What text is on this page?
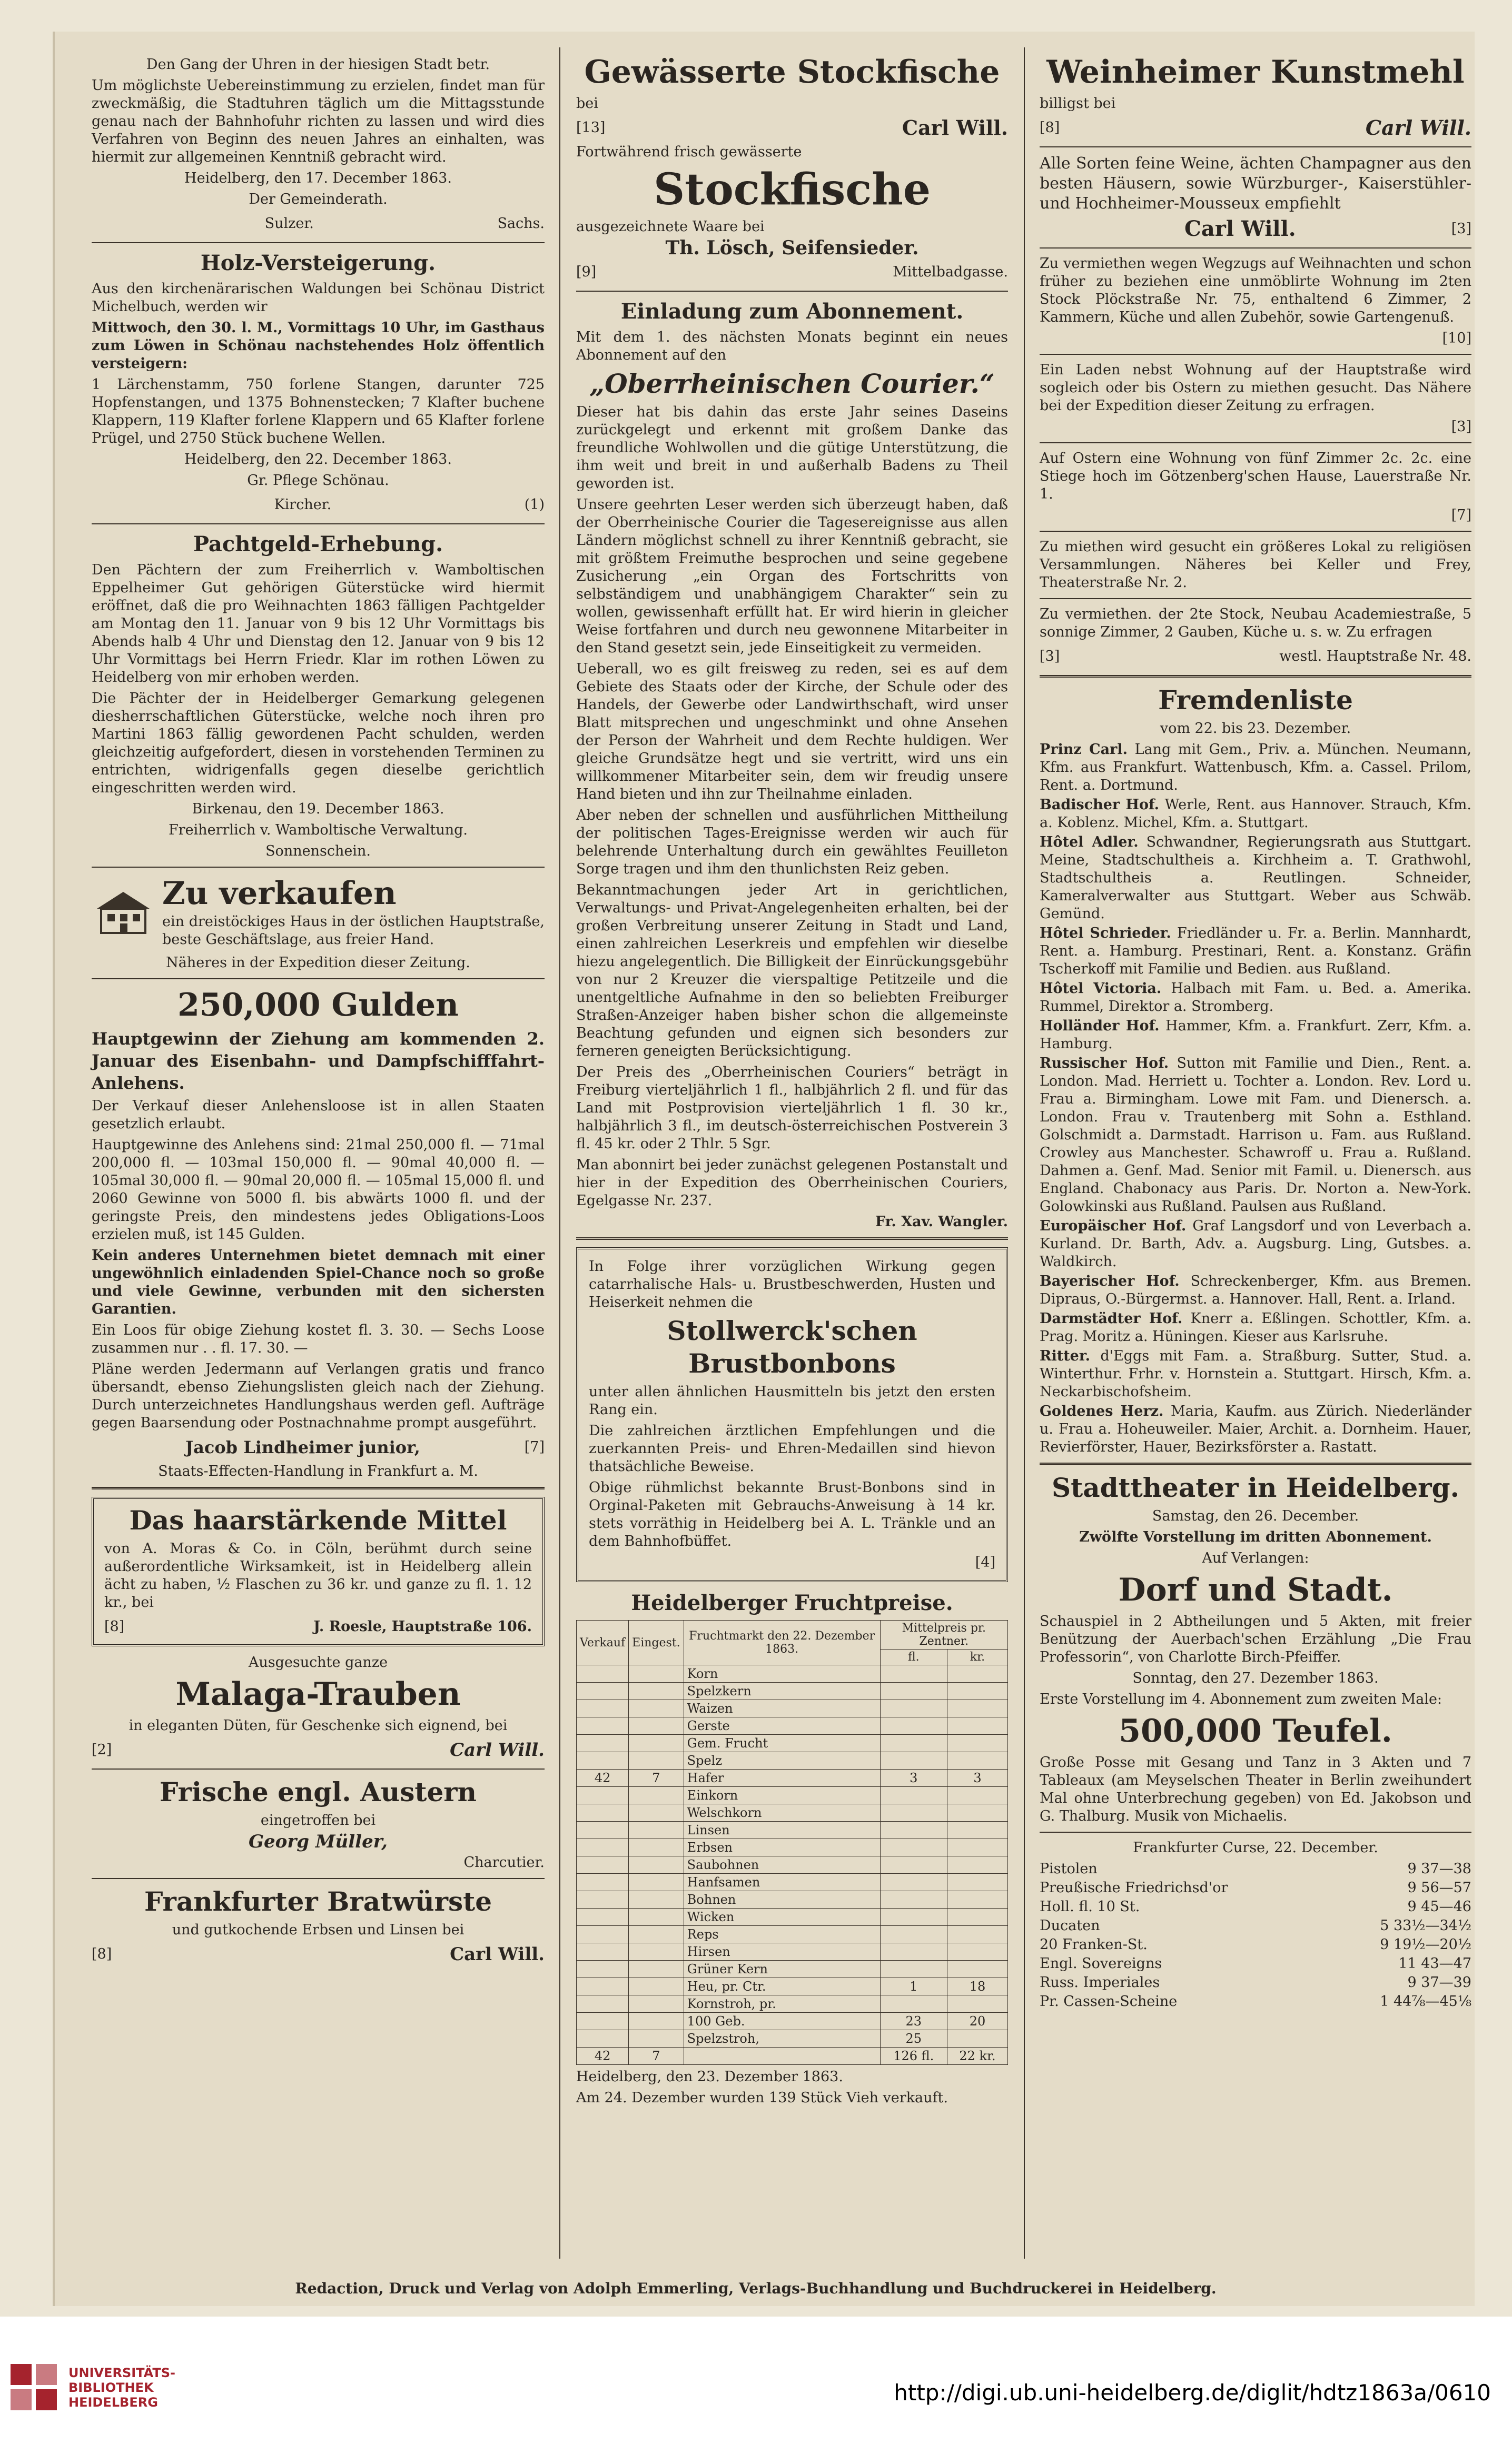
Den Gang der Uhren in der hiesigen Stadt betr.
Um möglichste Uebereinstimmung zu erzielen, findet man für zweckmäßig, die Stadtuhren täglich um die Mittagsstunde genau nach der Bahnhofuhr richten zu lassen und wird dies Verfahren von Beginn des neuen Jahres an einhalten, was hiermit zur allgemeinen Kenntniß gebracht wird.
Heidelberg, den 17. December 1863.
Der Gemeinderath.
Sulzer.	Sachs.
Holz-Versteigerung.
Aus den kirchenärarischen Waldungen bei Schönau District Michelbuch, werden wir
Mittwoch, den 30. l. M., Vormittags 10 Uhr, im Gasthaus zum Löwen in Schönau nachstehendes Holz öffentlich versteigern:
1 Lärchenstamm, 750 forlene Stangen, darunter 725 Hopfenstangen, und 1375 Bohnenstecken; 7 Klafter buchene Klappern, 119 Klafter forlene Klappern und 65 Klafter forlene Prügel, und 2750 Stück buchene Wellen.
Heidelberg, den 22. December 1863.
Gr. Pflege Schönau.
Kircher.	(1)
Pachtgeld-Erhebung.
Den Pächtern der zum Freiherrlich v. Wamboltischen Eppelheimer Gut gehörigen Güterstücke wird hiermit eröffnet, daß die pro Weihnachten 1863 fälligen Pachtgelder am Montag den 11. Januar von 9 bis 12 Uhr Vormittags bis Abends halb 4 Uhr und Dienstag den 12. Januar von 9 bis 12 Uhr Vormittags bei Herrn Friedr. Klar im rothen Löwen zu Heidelberg von mir erhoben werden.
Die Pächter der in Heidelberger Gemarkung gelegenen diesherrschaftlichen Güterstücke, welche noch ihren pro Martini 1863 fällig gewordenen Pacht schulden, werden gleichzeitig aufgefordert, diesen in vorstehenden Terminen zu entrichten, widrigenfalls gegen dieselbe gerichtlich eingeschritten werden wird.
Birkenau, den 19. December 1863.
Freiherrlich v. Wamboltische Verwaltung.
Sonnenschein.
Zu verkaufen
ein dreistöckiges Haus in der östlichen Hauptstraße, beste Geschäftslage, aus freier Hand.
Näheres in der Expedition dieser Zeitung.
250,000 Gulden
Hauptgewinn der Ziehung am kommenden 2. Januar des Eisenbahn- und Dampfschifffahrt-Anlehens.
Der Verkauf dieser Anlehensloose ist in allen Staaten gesetzlich erlaubt.
Hauptgewinne des Anlehens sind: 21mal 250,000 fl. — 71mal 200,000 fl. — 103mal 150,000 fl. — 90mal 40,000 fl. — 105mal 30,000 fl. — 90mal 20,000 fl. — 105mal 15,000 fl. und 2060 Gewinne von 5000 fl. bis abwärts 1000 fl. und der geringste Preis, den mindestens jedes Obligations-Loos erzielen muß, ist 145 Gulden.
Kein anderes Unternehmen bietet demnach mit einer ungewöhnlich einladenden Spiel-Chance noch so große und viele Gewinne, verbunden mit den sichersten Garantien.
Ein Loos für obige Ziehung kostet fl. 3. 30. — Sechs Loose zusammen nur . . fl. 17. 30. —
Pläne werden Jedermann auf Verlangen gratis und franco übersandt, ebenso Ziehungslisten gleich nach der Ziehung. Durch unterzeichnetes Handlungshaus werden gefl. Aufträge gegen Baarsendung oder Postnachnahme prompt ausgeführt.
Jacob Lindheimer junior,	[7]
Staats-Effecten-Handlung in Frankfurt a. M.
Das haarstärkende Mittel
von A. Moras & Co. in Cöln, berühmt durch seine außerordentliche Wirksamkeit, ist in Heidelberg allein ächt zu haben, ½ Flaschen zu 36 kr. und ganze zu fl. 1. 12 kr., bei
[8]	J. Roesle, Hauptstraße 106.
Ausgesuchte ganze
Malaga-Trauben
in eleganten Düten, für Geschenke sich eignend, bei
[2]	Carl Will.
Frische engl. Austern
eingetroffen bei
Georg Müller,
Charcutier.
Frankfurter Bratwürste
und gutkochende Erbsen und Linsen bei
[8]	Carl Will.
Gewässerte Stockfische
bei
[13]	Carl Will.
Fortwährend frisch gewässerte
Stockfische
ausgezeichnete Waare bei
Th. Lösch, Seifensieder.
[9]	Mittelbadgasse.
Einladung zum Abonnement.
Mit dem 1. des nächsten Monats beginnt ein neues Abonnement auf den
„Oberrheinischen Courier.“
Dieser hat bis dahin das erste Jahr seines Daseins zurückgelegt und erkennt mit großem Danke das freundliche Wohlwollen und die gütige Unterstützung, die ihm weit und breit in und außerhalb Badens zu Theil geworden ist.
Unsere geehrten Leser werden sich überzeugt haben, daß der Oberrheinische Courier die Tagesereignisse aus allen Ländern möglichst schnell zu ihrer Kenntniß gebracht, sie mit größtem Freimuthe besprochen und seine gegebene Zusicherung „ein Organ des Fortschritts von selbständigem und unabhängigem Charakter“ sein zu wollen, gewissenhaft erfüllt hat. Er wird hierin in gleicher Weise fortfahren und durch neu gewonnene Mitarbeiter in den Stand gesetzt sein, jede Einseitigkeit zu vermeiden.
Ueberall, wo es gilt freisweg zu reden, sei es auf dem Gebiete des Staats oder der Kirche, der Schule oder des Handels, der Gewerbe oder Landwirthschaft, wird unser Blatt mitsprechen und ungeschminkt und ohne Ansehen der Person der Wahrheit und dem Rechte huldigen. Wer gleiche Grundsätze hegt und sie vertritt, wird uns ein willkommener Mitarbeiter sein, dem wir freudig unsere Hand bieten und ihn zur Theilnahme einladen.
Aber neben der schnellen und ausführlichen Mittheilung der politischen Tages-Ereignisse werden wir auch für belehrende Unterhaltung durch ein gewähltes Feuilleton Sorge tragen und ihm den thunlichsten Reiz geben.
Bekanntmachungen jeder Art in gerichtlichen, Verwaltungs- und Privat-Angelegenheiten erhalten, bei der großen Verbreitung unserer Zeitung in Stadt und Land, einen zahlreichen Leserkreis und empfehlen wir dieselbe hiezu angelegentlich. Die Billigkeit der Einrückungsgebühr von nur 2 Kreuzer die vierspaltige Petitzeile und die unentgeltliche Aufnahme in den so beliebten Freiburger Straßen-Anzeiger haben bisher schon die allgemeinste Beachtung gefunden und eignen sich besonders zur ferneren geneigten Berücksichtigung.
Der Preis des „Oberrheinischen Couriers“ beträgt in Freiburg vierteljährlich 1 fl., halbjährlich 2 fl. und für das Land mit Postprovision vierteljährlich 1 fl. 30 kr., halbjährlich 3 fl., im deutsch-österreichischen Postverein 3 fl. 45 kr. oder 2 Thlr. 5 Sgr.
Man abonnirt bei jeder zunächst gelegenen Postanstalt und hier in der Expedition des Oberrheinischen Couriers, Egelgasse Nr. 237.
Fr. Xav. Wangler.
In Folge ihrer vorzüglichen Wirkung gegen catarrhalische Hals- u. Brustbeschwerden, Husten und Heiserkeit nehmen die
Stollwerck'schen Brustbonbons
unter allen ähnlichen Hausmitteln bis jetzt den ersten Rang ein.
Die zahlreichen ärztlichen Empfehlungen und die zuerkannten Preis- und Ehren-Medaillen sind hievon thatsächliche Beweise.
Obige rühmlichst bekannte Brust-Bonbons sind in Orginal-Paketen mit Gebrauchs-Anweisung à 14 kr. stets vorräthig in Heidelberg bei A. L. Tränkle und an dem Bahnhofbüffet.
[4]
Heidelberger Fruchtpreise.
Verkauf	Eingest.	Fruchtmarkt den 22. Dezember 1863.	Mittelpreis pr. Zentner.	
			fl.	kr.
		Korn		
		Spelzkern		
		Waizen		
		Gerste		
		Gem. Frucht		
		Spelz		
42	7	Hafer	3	3
		Einkorn		
		Welschkorn		
		Linsen		
		Erbsen		
		Saubohnen		
		Hanfsamen		
		Bohnen		
		Wicken		
		Reps		
		Hirsen		
		Grüner Kern		
		Heu, pr. Ctr.	1	18
		Kornstroh, pr.		
		100 Geb.	23	20
		Spelzstroh,	25	
42	7		126 fl.	22 kr.
Heidelberg, den 23. Dezember 1863.
Am 24. Dezember wurden 139 Stück Vieh verkauft.
Weinheimer Kunstmehl
billigst bei
[8]	Carl Will.
Alle Sorten feine Weine, ächten Champagner aus den besten Häusern, sowie Würzburger-, Kaiserstühler- und Hochheimer-Mousseux empfiehlt
Carl Will.	[3]
Zu vermiethen wegen Wegzugs auf Weihnachten und schon früher zu beziehen eine unmöblirte Wohnung im 2ten Stock Plöckstraße Nr. 75, enthaltend 6 Zimmer, 2 Kammern, Küche und allen Zubehör, sowie Gartengenuß.
[10]
Ein Laden nebst Wohnung auf der Hauptstraße wird sogleich oder bis Ostern zu miethen gesucht. Das Nähere bei der Expedition dieser Zeitung zu erfragen.
[3]
Auf Ostern eine Wohnung von fünf Zimmer 2c. 2c. eine Stiege hoch im Götzenberg'schen Hause, Lauerstraße Nr. 1.
[7]
Zu miethen wird gesucht ein größeres Lokal zu religiösen Versammlungen. Näheres bei Keller und Frey, Theaterstraße Nr. 2.
Zu vermiethen. der 2te Stock, Neubau Academiestraße, 5 sonnige Zimmer, 2 Gauben, Küche u. s. w. Zu erfragen
[3]	westl. Hauptstraße Nr. 48.
Fremdenliste
vom 22. bis 23. Dezember.
Prinz Carl. Lang mit Gem., Priv. a. München. Neumann, Kfm. aus Frankfurt. Wattenbusch, Kfm. a. Cassel. Prilom, Rent. a. Dortmund.
Badischer Hof. Werle, Rent. aus Hannover. Strauch, Kfm. a. Koblenz. Michel, Kfm. a. Stuttgart.
Hôtel Adler. Schwandner, Regierungsrath aus Stuttgart. Meine, Stadtschultheis a. Kirchheim a. T. Grathwohl, Stadtschultheis a. Reutlingen. Schneider, Kameralverwalter aus Stuttgart. Weber aus Schwäb. Gemünd.
Hôtel Schrieder. Friedländer u. Fr. a. Berlin. Mannhardt, Rent. a. Hamburg. Prestinari, Rent. a. Konstanz. Gräfin Tscherkoff mit Familie und Bedien. aus Rußland.
Hôtel Victoria. Halbach mit Fam. u. Bed. a. Amerika. Rummel, Direktor a. Stromberg.
Holländer Hof. Hammer, Kfm. a. Frankfurt. Zerr, Kfm. a. Hamburg.
Russischer Hof. Sutton mit Familie und Dien., Rent. a. London. Mad. Herriett u. Tochter a. London. Rev. Lord u. Frau a. Birmingham. Lowe mit Fam. und Dienersch. a. London. Frau v. Trautenberg mit Sohn a. Esthland. Golschmidt a. Darmstadt. Harrison u. Fam. aus Rußland. Crowley aus Manchester. Schawroff u. Frau a. Rußland. Dahmen a. Genf. Mad. Senior mit Famil. u. Dienersch. aus England. Chabonacy aus Paris. Dr. Norton a. New-York. Golowkinski aus Rußland. Paulsen aus Rußland.
Europäischer Hof. Graf Langsdorf und von Leverbach a. Kurland. Dr. Barth, Adv. a. Augsburg. Ling, Gutsbes. a. Waldkirch.
Bayerischer Hof. Schreckenberger, Kfm. aus Bremen. Dipraus, O.-Bürgermst. a. Hannover. Hall, Rent. a. Irland.
Darmstädter Hof. Knerr a. Eßlingen. Schottler, Kfm. a. Prag. Moritz a. Hüningen. Kieser aus Karlsruhe.
Ritter. d'Eggs mit Fam. a. Straßburg. Sutter, Stud. a. Winterthur. Frhr. v. Hornstein a. Stuttgart. Hirsch, Kfm. a. Neckarbischofsheim.
Goldenes Herz. Maria, Kaufm. aus Zürich. Niederländer u. Frau a. Hoheuweiler. Maier, Archit. a. Dornheim. Hauer, Revierförster, Hauer, Bezirksförster a. Rastatt.
Stadttheater in Heidelberg.
Samstag, den 26. December.
Zwölfte Vorstellung im dritten Abonnement.
Auf Verlangen:
Dorf und Stadt.
Schauspiel in 2 Abtheilungen und 5 Akten, mit freier Benützung der Auerbach'schen Erzählung „Die Frau Professorin“, von Charlotte Birch-Pfeiffer.
Sonntag, den 27. Dezember 1863.
Erste Vorstellung im 4. Abonnement zum zweiten Male:
500,000 Teufel.
Große Posse mit Gesang und Tanz in 3 Akten und 7 Tableaux (am Meyselschen Theater in Berlin zweihundert Mal ohne Unterbrechung gegeben) von Ed. Jakobson und G. Thalburg. Musik von Michaelis.
Frankfurter Curse, 22. December.
Pistolen	9 37—38
Preußische Friedrichsd'or	9 56—57
Holl. fl. 10 St.	9 45—46
Ducaten	5 33½—34½
20 Franken-St.	9 19½—20½
Engl. Sovereigns	11 43—47
Russ. Imperiales	9 37—39
Pr. Cassen-Scheine	1 44⅞—45⅛
Redaction, Druck und Verlag von Adolph Emmerling, Verlags-Buchhandlung und Buchdruckerei in Heidelberg.
UNIVERSITÄTS-
BIBLIOTHEK
HEIDELBERG	http://digi.ub.uni-heidelberg.de/diglit/hdtz1863a/0610
